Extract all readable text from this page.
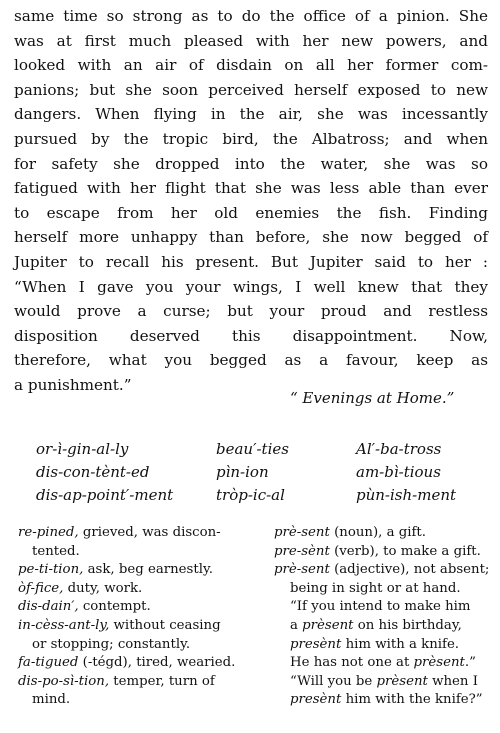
same time so strong as to do the office of a pinion. She
was at first much pleased with her new powers, and
looked with an air of disdain on all her former com-
panions; but she soon perceived herself exposed to new
dangers. When flying in the air, she was incessantly
pursued by the tropic bird, the Albatross; and when
for safety she dropped into the water, she was so
fatigued with her flight that she was less able than ever
to escape from her old enemies the fish. Finding
herself more unhappy than before, she now begged of
Jupiter to recall his present. But Jupiter said to her :
“When I gave you your wings, I well knew that they
would prove a curse; but your proud and restless
disposition deserved this disappointment. Now,
therefore, what you begged as a favour, keep as
a punishment.”
“ Evenings at Home.”
or-ı̀-gin-al-ly
dis-con-tènt-ed
dis-ap-point′-ment
beau′-ties
pìn-ion
tròp-ic-al
Al′-ba-tross
am-bì-tious
pùn-ish-ment
re-pined, grieved, was discon-
tented.
pe-ti-tion, ask, beg earnestly.
òf-fice, duty, work.
dis-dain′, contempt.
in-cèss-ant-ly, without ceasing
or stopping; constantly.
fa-tigued (-tégd), tired, wearied.
dis-po-sì-tion, temper, turn of
mind.
prè-sent (noun), a gift.
pre-sènt (verb), to make a gift.
prè-sent (adjective), not absent;
being in sight or at hand.
“If you intend to make him
a prèsent on his birthday,
presènt him with a knife.
He has not one at prèsent.”
“Will you be prèsent when I
presènt him with the knife?”
